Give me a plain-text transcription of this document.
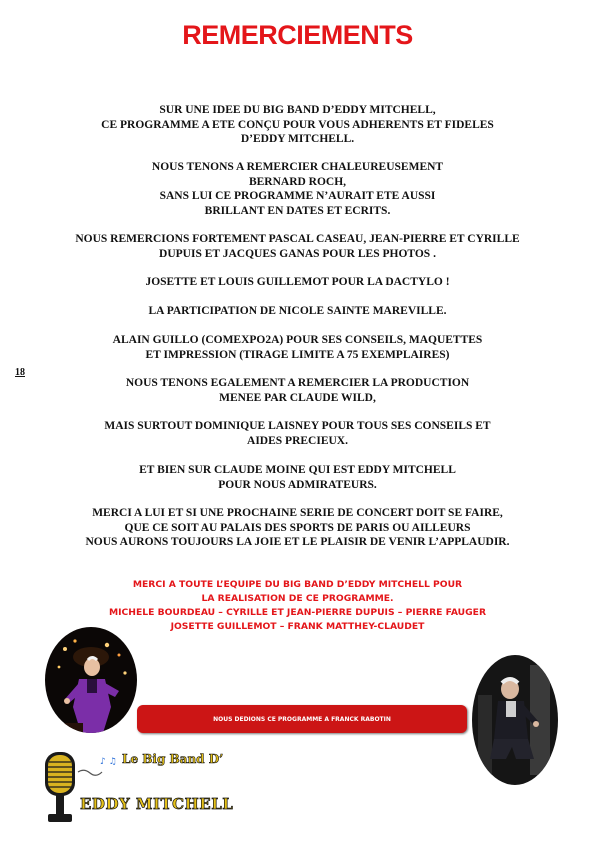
REMERCIEMENTS
SUR UNE IDEE DU BIG BAND D’EDDY MITCHELL,
CE PROGRAMME A ETE CONÇU POUR VOUS ADHERENTS ET FIDELES
D’EDDY MITCHELL.
NOUS TENONS A REMERCIER CHALEUREUSEMENT
BERNARD ROCH,
SANS LUI CE PROGRAMME N’AURAIT ETE AUSSI
BRILLANT EN DATES ET ECRITS.
NOUS REMERCIONS FORTEMENT PASCAL CASEAU, JEAN-PIERRE ET CYRILLE
DUPUIS ET JACQUES GANAS POUR LES PHOTOS .
JOSETTE ET LOUIS GUILLEMOT POUR LA DACTYLO !
LA PARTICIPATION DE NICOLE SAINTE MAREVILLE.
ALAIN GUILLO (COMEXPO2A) POUR SES CONSEILS, MAQUETTES
ET IMPRESSION (TIRAGE LIMITE A 75 EXEMPLAIRES)
18
NOUS TENONS EGALEMENT A REMERCIER LA PRODUCTION
MENEE PAR CLAUDE WILD,
MAIS SURTOUT DOMINIQUE LAISNEY POUR TOUS SES CONSEILS ET
AIDES PRECIEUX.
ET BIEN SUR CLAUDE MOINE QUI EST EDDY MITCHELL
POUR NOUS ADMIRATEURS.
MERCI A LUI ET SI UNE PROCHAINE SERIE DE CONCERT DOIT SE FAIRE,
QUE CE SOIT AU PALAIS DES SPORTS DE PARIS OU AILLEURS
NOUS AURONS TOUJOURS LA JOIE ET LE PLAISIR DE VENIR L’APPLAUDIR.
MERCI A TOUTE L’EQUIPE DU BIG BAND D’EDDY MITCHELL POUR
LA REALISATION DE CE PROGRAMME.
MICHELE BOURDEAU – CYRILLE ET JEAN-PIERRE DUPUIS – PIERRE FAUGER
JOSETTE GUILLEMOT – FRANK MATTHEY-CLAUDET
NOUS DEDIONS CE PROGRAMME A FRANCK RABOTIN
♪ ♫ Le Big Band D’
EDDY MITCHELL
